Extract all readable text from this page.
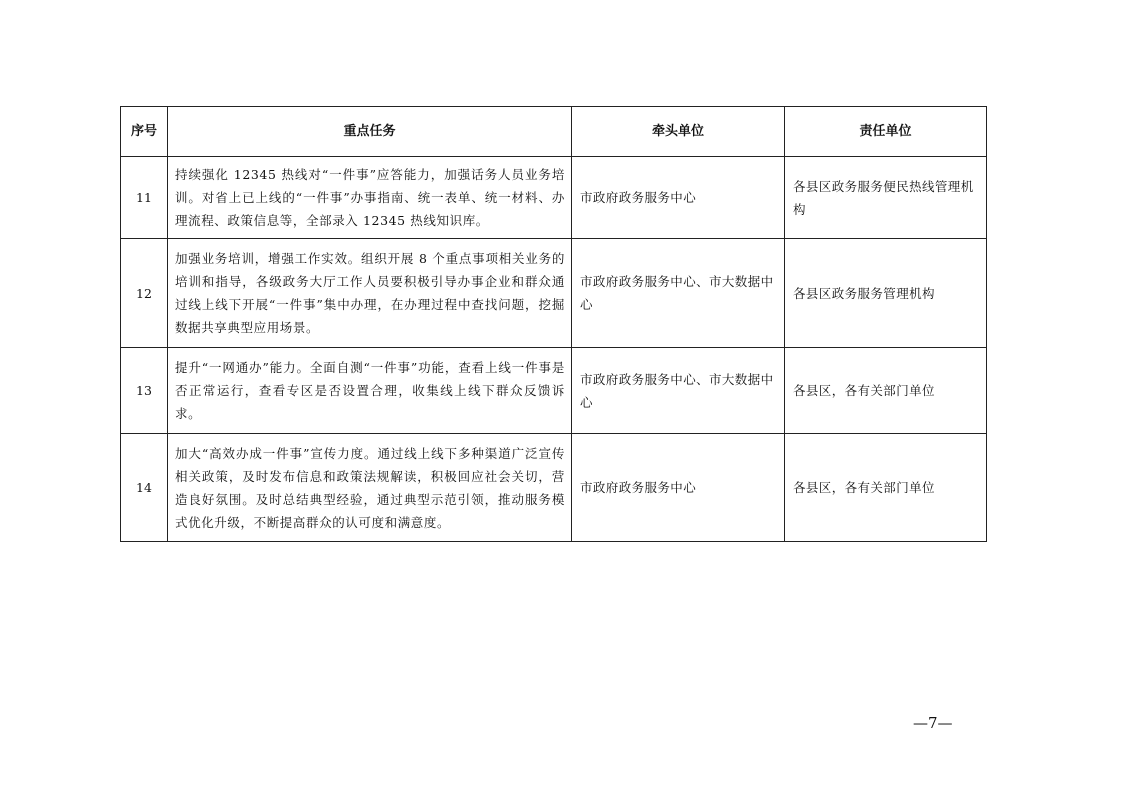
序号	重点任务	牵头单位	责任单位
11	持续强化 12345 热线对“一件事”应答能力，加强话务人员业务培训。对省上已上线的“一件事”办事指南、统一表单、统一材料、办理流程、政策信息等，全部录入 12345 热线知识库。	市政府政务服务中心	各县区政务服务便民热线管理机构
12	加强业务培训，增强工作实效。组织开展 8 个重点事项相关业务的培训和指导，各级政务大厅工作人员要积极引导办事企业和群众通过线上线下开展“一件事”集中办理，在办理过程中查找问题，挖掘数据共享典型应用场景。	市政府政务服务中心、市大数据中心	各县区政务服务管理机构
13	提升“一网通办”能力。全面自测“一件事”功能，查看上线一件事是否正常运行，查看专区是否设置合理，收集线上线下群众反馈诉求。	市政府政务服务中心、市大数据中心	各县区，各有关部门单位
14	加大“高效办成一件事”宣传力度。通过线上线下多种渠道广泛宣传相关政策，及时发布信息和政策法规解读，积极回应社会关切，营造良好氛围。及时总结典型经验，通过典型示范引领，推动服务模式优化升级，不断提高群众的认可度和满意度。	市政府政务服务中心	各县区，各有关部门单位
—7—
